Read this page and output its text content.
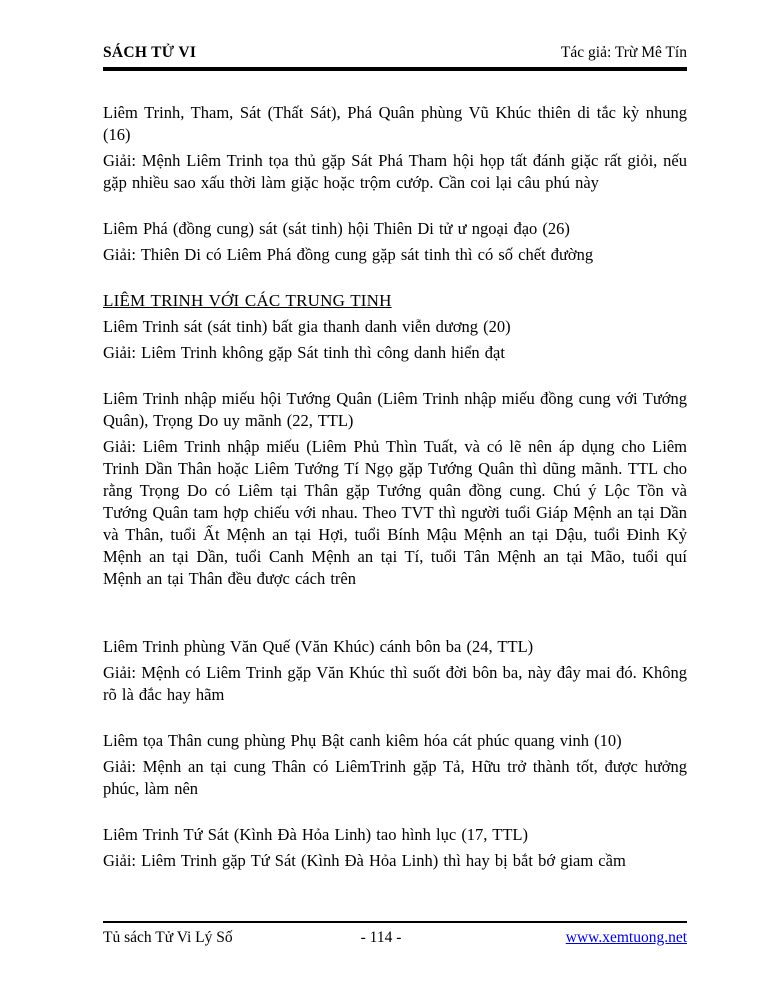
SÁCH TỬ VI	Tác giả: Trừ Mê Tín

Liêm Trinh, Tham, Sát (Thất Sát), Phá Quân phùng Vũ Khúc thiên di tắc kỳ nhung (16)

Giải: Mệnh Liêm Trinh tọa thủ gặp Sát Phá Tham hội họp tất đánh giặc rất giỏi, nếu gặp nhiều sao xấu thời làm giặc hoặc trộm cướp. Cần coi lại câu phú này

Liêm Phá (đồng cung) sát (sát tinh) hội Thiên Di tử ư ngoại đạo (26)

Giải: Thiên Di có Liêm Phá đồng cung gặp sát tinh thì có số chết đường

LIÊM TRINH VỚI CÁC TRUNG TINH

Liêm Trinh sát (sát tinh) bất gia thanh danh viễn dương (20)

Giải: Liêm Trinh không gặp Sát tinh thì công danh hiển đạt

Liêm Trinh nhập miếu hội Tướng Quân (Liêm Trinh nhập miếu đồng cung với Tướng Quân), Trọng Do uy mãnh (22, TTL)

Giải: Liêm Trinh nhập miếu (Liêm Phủ Thìn Tuất, và có lẽ nên áp dụng cho Liêm Trinh Dần Thân hoặc Liêm Tướng Tí Ngọ gặp Tướng Quân thì dũng mãnh. TTL cho rằng Trọng Do có Liêm tại Thân gặp Tướng quân đồng cung. Chú ý Lộc Tồn và Tướng Quân tam hợp chiếu với nhau. Theo TVT thì người tuổi Giáp Mệnh an tại Dần và Thân, tuổi Ất Mệnh an tại Hợi, tuổi Bính Mậu Mệnh an tại Dậu, tuổi Đinh Kỷ Mệnh an tại Dần, tuổi Canh Mệnh an tại Tí, tuổi Tân Mệnh an tại Mão, tuổi quí Mệnh an tại Thân đều được cách trên

Liêm Trinh phùng Văn Quế (Văn Khúc) cánh bôn ba (24, TTL)

Giải: Mệnh có Liêm Trinh gặp Văn Khúc thì suốt đời bôn ba, này đây mai đó. Không rõ là đắc hay hãm

Liêm tọa Thân cung phùng Phụ Bật canh kiêm hóa cát phúc quang vinh (10)

Giải: Mệnh an tại cung Thân có LiêmTrinh gặp Tả, Hữu trở thành tốt, được hưởng phúc, làm nên

Liêm Trinh Tứ Sát (Kình Đà Hỏa Linh) tao hình lục (17, TTL)

Giải: Liêm Trinh gặp Tứ Sát (Kình Đà Hỏa Linh) thì hay bị bắt bớ giam cầm

Tủ sách Tử Vi Lý Số	- 114 -	www.xemtuong.net
